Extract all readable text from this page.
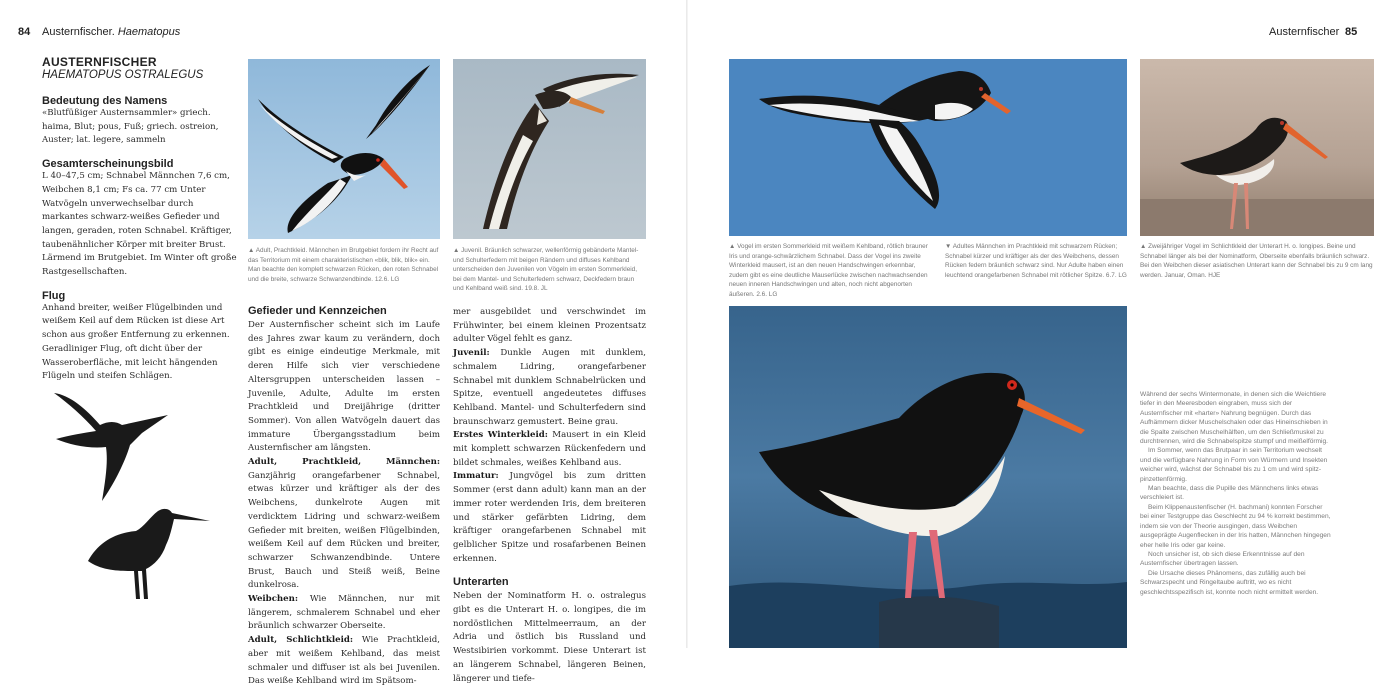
84 Austernfischer. Haematopus
AUSTERNFISCHER
HAEMATOPUS OSTRALEGUS
Bedeutung des Namens
«Blutfüßiger Austernsammler» griech. haima, Blut; pous, Fuß; griech. ostreion, Auster; lat. legere, sammeln
Gesamterscheinungsbild
L 40–47,5 cm; Schnabel Männchen 7,6 cm, Weibchen 8,1 cm; Fs ca. 77 cm Unter Watvögeln unverwechselbar durch markantes schwarz-weißes Gefieder und langen, geraden, roten Schnabel. Kräftiger, taubenähnlicher Körper mit breiter Brust. Lärmend im Brutgebiet. Im Winter oft große Rastgesellschaften.
Flug
Anhand breiter, weißer Flügelbinden und weißem Keil auf dem Rücken ist diese Art schon aus großer Entfernung zu erkennen. Geradliniger Flug, oft dicht über der Wasseroberfläche, mit leicht hängenden Flügeln und steifen Schlägen.
▲ Adult, Prachtkleid. Männchen im Brutgebiet fordern ihr Recht auf das Territorium mit einem charakteristischen «blik, blik, blik» ein. Man beachte den komplett schwarzen Rücken, den roten Schnabel und die breite, schwarze Schwanzendbinde. 12.6. LG
▲ Juvenil. Bräunlich schwarzer, wellenförmig gebänderte Mantel- und Schulterfedern mit beigen Rändern und diffuses Kehlband unterscheiden den Juvenilen von Vögeln im ersten Sommerkleid, bei dem Mantel- und Schulterfedern schwarz, Deckfedern braun und Kehlband weiß sind. 19.8. JL
Gefieder und Kennzeichen

Der Austernfischer scheint sich im Laufe des Jahres zwar kaum zu verändern, doch gibt es einige eindeutige Merkmale, mit deren Hilfe sich vier verschiedene Altersgruppen unterscheiden lassen – Juvenile, Adulte, Adulte im ersten Prachtkleid und Dreijährige (dritter Sommer). Von allen Watvögeln dauert das immature Übergangsstadium beim Austernfischer am längsten.

Adult, Prachtkleid, Männchen: Ganzjährig orangefarbener Schnabel, etwas kürzer und kräftiger als der des Weibchens, dunkelrote Augen mit verdicktem Lidring und schwarz-weißem Gefieder mit breiten, weißen Flügelbinden, weißem Keil auf dem Rücken und breiter, schwarzer Schwanzendbinde. Untere Brust, Bauch und Steiß weiß, Beine dunkelrosa.

Weibchen: Wie Männchen, nur mit längerem, schmalerem Schnabel und eher bräunlich schwarzer Oberseite.

Adult, Schlichtkleid: Wie Prachtkleid, aber mit weißem Kehlband, das meist schmaler und diffuser ist als bei Juvenilen. Das weiße Kehlband wird im Spätsom-

mer ausgebildet und verschwindet im Frühwinter, bei einem kleinen Prozentsatz adulter Vögel fehlt es ganz.

Juvenil: Dunkle Augen mit dunklem, schmalem Lidring, orangefarbener Schnabel mit dunklem Schnabelrücken und Spitze, eventuell angedeutetes diffuses Kehlband. Mantel- und Schulterfedern sind braunschwarz gemustert. Beine grau.

Erstes Winterkleid: Mausert in ein Kleid mit komplett schwarzen Rückenfedern und bildet schmales, weißes Kehlband aus.

Immatur: Jungvögel bis zum dritten Sommer (erst dann adult) kann man an der immer roter werdenden Iris, dem breiteren und stärker gefärbten Lidring, dem kräftiger orangefarbenen Schnabel mit gelblicher Spitze und rosafarbenen Beinen erkennen.

Unterarten
Neben der Nominatform H. o. ostralegus gibt es die Unterart H. o. longipes, die im nordöstlichen Mittelmeerraum, an der Adria und östlich bis Russland und Westsibirien vorkommt. Diese Unterart ist an längerem Schnabel, längeren Beinen, längerer und tiefe-
Austernfischer 85
▲ Vogel im ersten Sommerkleid mit weißem Kehlband, rötlich brauner Iris und orange-schwärzlichem Schnabel. Dass der Vogel ins zweite Winterkleid mausert, ist an den neuen Handschwingen erkennbar, zudem gibt es eine deutliche Mauserlücke zwischen nachwachsenden neuen inneren Handschwingen und alten, noch nicht abgenorten äußeren. 2.6. LG
▼ Adultes Männchen im Prachtkleid mit schwarzem Rücken; Schnabel kürzer und kräftiger als der des Weibchens, dessen Rücken federn bräunlich schwarz sind. Nur Adulte haben einen leuchtend orangefarbenen Schnabel mit rötlicher Spitze. 6.7. LG
▲ Zweijähriger Vogel im Schlichtkleid der Unterart H. o. longipes. Beine und Schnabel länger als bei der Nominatform, Oberseite ebenfalls bräunlich schwarz. Bei den Weibchen dieser asiatischen Unterart kann der Schnabel bis zu 9 cm lang werden. Januar, Oman. HJE

Während der sechs Wintermonate, in denen sich die Weichtiere tiefer in den Meeresboden eingraben, muss sich der Austernfischer mit «harter» Nahrung begnügen. Durch das Aufhämmern dicker Muschelschalen oder das Hineinschieben in die Spalte zwischen Muschelhälften, um den Schließmuskel zu durchtrennen, wird die Schnabelspitze stumpf und meißelförmig.

Im Sommer, wenn das Brutpaar in sein Territorium wechselt und die verfügbare Nahrung in Form von Würmern und Insekten weicher wird, wächst der Schnabel bis zu 1 cm und wird spitz-pinzettenförmig.

Man beachte, dass die Pupille des Männchens links etwas verschleiert ist.

Beim Klippenaustenfischer (H. bachmani) konnten Forscher bei einer Testgruppe das Geschlecht zu 94 % korrekt bestimmen, indem sie von der Theorie ausgingen, dass Weibchen ausgeprägte Augenflecken in der Iris hatten, Männchen hingegen eher helle Iris oder gar keine.

Noch unsicher ist, ob sich diese Erkenntnisse auf den Austernfischer übertragen lassen.

Die Ursache dieses Phänomens, das zufällig auch bei Schwarzspecht und Ringeltaube auftritt, wo es nicht geschlechtsspezifisch ist, konnte noch nicht ermittelt werden.
